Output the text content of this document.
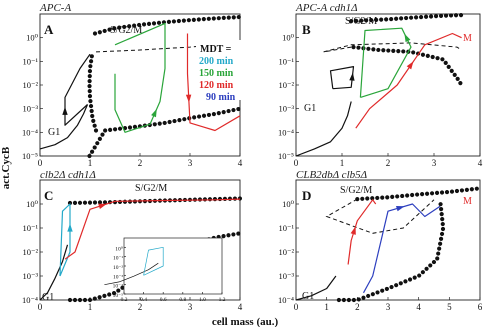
act.CycB
cell mass (au.)
0	1	2	3	4
10⁰
10⁻¹
10⁻²
10⁻³
10⁻⁴
10⁻⁵
0	1	2	3	4
10⁰
10⁻¹
10⁻²
10⁻³
10⁻⁴
10⁻⁵
0	1	2	3	4
10⁰
10⁻¹
10⁻²
10⁻³
10⁻⁴	0.2 0.4 0.6 0.8 1.0 1.2
10⁰
10⁻¹
10⁻²
10⁻³
10⁻⁴
10⁻⁵
0	1	2	3	4	5	6
10⁰
10⁻¹
10⁻²
10⁻³
10⁻⁴
APC-A	APC-A cdh1Δ
clb2Δ cdh1Δ	CLB2dbΔ clb5Δ
A	B
C	D
S/G2/M
G1
S/G2/M
G1
M
S/G2/M
G1
S/G2/M
G1
M
MDT =
200 min
150 min
120 min
90 min
